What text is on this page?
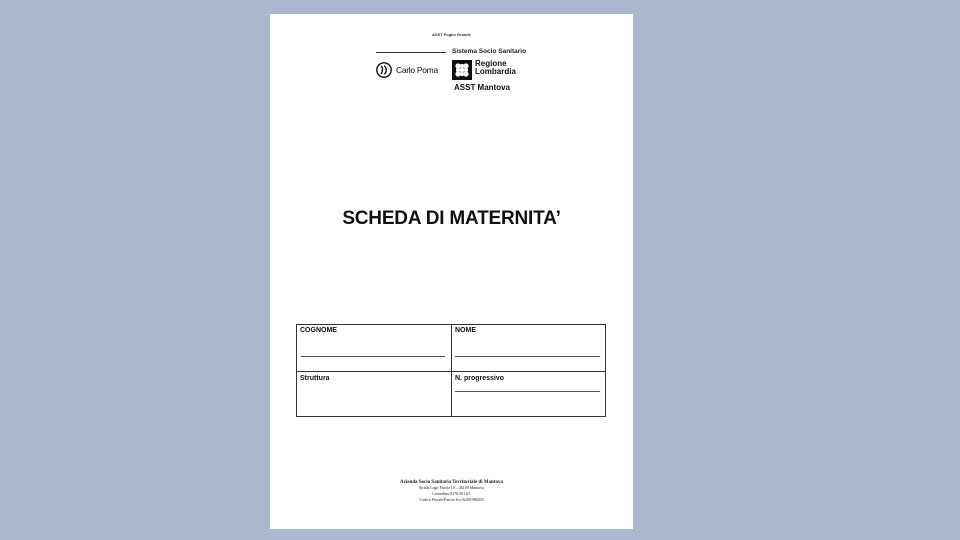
ASST Foglio Grande
Sistema Socio Sanitario
Carlo Poma
Regione
Lombardia
ASST Mantova
SCHEDA DI MATERNITA’
COGNOME	NOME
Struttura	N. progressivo
Azienda Socio Sanitaria Territoriale di Mantova
Strada Lago Paiolo 10 – 46100 Mantova
Centralino 0376/201111
Codice Fiscale/Partita Iva 02481980203
